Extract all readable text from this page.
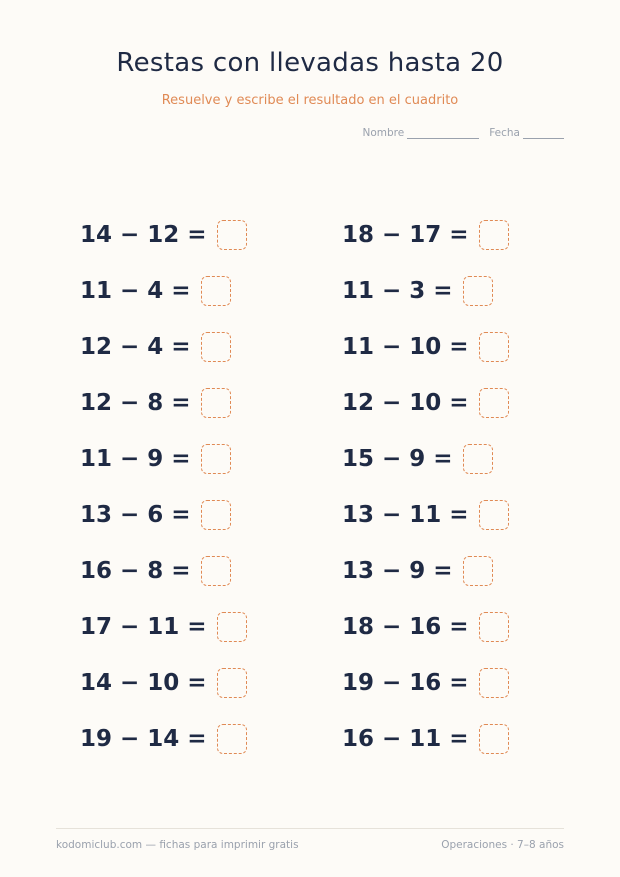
Restas con llevadas hasta 20
Resuelve y escribe el resultado en el cuadrito
Nombre	Fecha
14 − 12 =
11 − 4 =
12 − 4 =
12 − 8 =
11 − 9 =
13 − 6 =
16 − 8 =
17 − 11 =
14 − 10 =
19 − 14 =
18 − 17 =
11 − 3 =
11 − 10 =
12 − 10 =
15 − 9 =
13 − 11 =
13 − 9 =
18 − 16 =
19 − 16 =
16 − 11 =
kodomiclub.com — fichas para imprimir gratis	Operaciones · 7–8 años
